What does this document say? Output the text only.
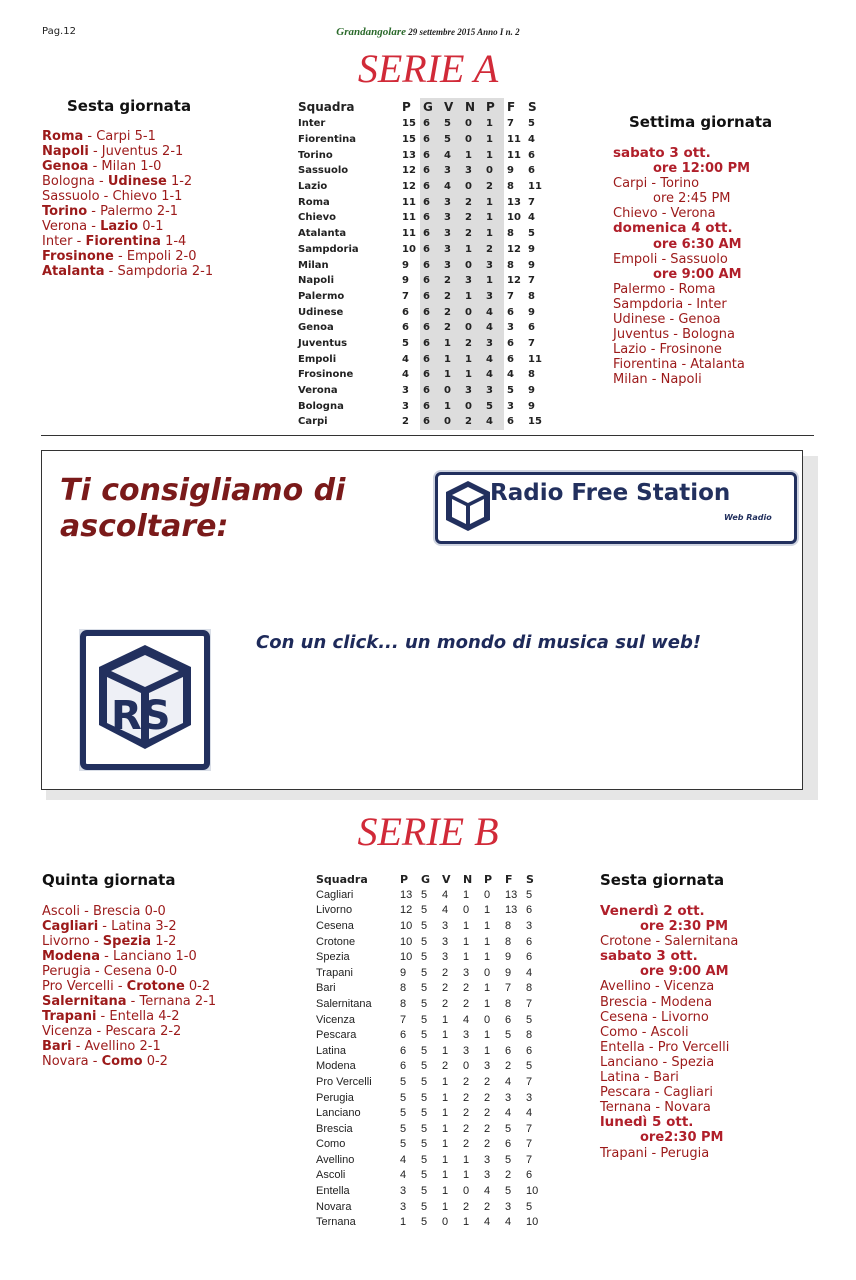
Pag.12	Grandangolare 29 settembre 2015 Anno I n. 2
SERIE A
Sesta giornata
Roma - Carpi 5-1
Napoli - Juventus 2-1
Genoa - Milan 1-0
Bologna - Udinese 1-2
Sassuolo - Chievo 1-1
Torino - Palermo 2-1
Verona - Lazio 0-1
Inter - Fiorentina 1-4
Frosinone - Empoli 2-0
Atalanta - Sampdoria 2-1
Squadra	P	G	V	N	P	F	S
Inter	15	6	5	0	1	7	5
Fiorentina	15	6	5	0	1	11	4
Torino	13	6	4	1	1	11	6
Sassuolo	12	6	3	3	0	9	6
Lazio	12	6	4	0	2	8	11
Roma	11	6	3	2	1	13	7
Chievo	11	6	3	2	1	10	4
Atalanta	11	6	3	2	1	8	5
Sampdoria	10	6	3	1	2	12	9
Milan	9	6	3	0	3	8	9
Napoli	9	6	2	3	1	12	7
Palermo	7	6	2	1	3	7	8
Udinese	6	6	2	0	4	6	9
Genoa	6	6	2	0	4	3	6
Juventus	5	6	1	2	3	6	7
Empoli	4	6	1	1	4	6	11
Frosinone	4	6	1	1	4	4	8
Verona	3	6	0	3	3	5	9
Bologna	3	6	1	0	5	3	9
Carpi	2	6	0	2	4	6	15
Settima giornata
sabato 3 ott.
ore 12:00 PM
Carpi - Torino
ore 2:45 PM
Chievo - Verona
domenica 4 ott.
ore 6:30 AM
Empoli - Sassuolo
ore 9:00 AM
Palermo - Roma
Sampdoria - Inter
Udinese - Genoa
Juventus - Bologna
Lazio - Frosinone
Fiorentina - Atalanta
Milan - Napoli
Ti consigliamo di
ascoltare:
Radio Free Station
Web Radio
Con un click... un mondo di musica sul web!
RS
SERIE B
Quinta giornata
Ascoli - Brescia 0-0
Cagliari - Latina 3-2
Livorno - Spezia 1-2
Modena - Lanciano 1-0
Perugia - Cesena 0-0
Pro Vercelli - Crotone 0-2
Salernitana - Ternana 2-1
Trapani - Entella 4-2
Vicenza - Pescara 2-2
Bari - Avellino 2-1
Novara - Como 0-2
Squadra	P	G	V	N	P	F	S
Cagliari	13	5	4	1	0	13	5
Livorno	12	5	4	0	1	13	6
Cesena	10	5	3	1	1	8	3
Crotone	10	5	3	1	1	8	6
Spezia	10	5	3	1	1	9	6
Trapani	9	5	2	3	0	9	4
Bari	8	5	2	2	1	7	8
Salernitana	8	5	2	2	1	8	7
Vicenza	7	5	1	4	0	6	5
Pescara	6	5	1	3	1	5	8
Latina	6	5	1	3	1	6	6
Modena	6	5	2	0	3	2	5
Pro Vercelli	5	5	1	2	2	4	7
Perugia	5	5	1	2	2	3	3
Lanciano	5	5	1	2	2	4	4
Brescia	5	5	1	2	2	5	7
Como	5	5	1	2	2	6	7
Avellino	4	5	1	1	3	5	7
Ascoli	4	5	1	1	3	2	6
Entella	3	5	1	0	4	5	10
Novara	3	5	1	2	2	3	5
Ternana	1	5	0	1	4	4	10
Sesta giornata
Venerdì 2 ott.
ore 2:30 PM
Crotone - Salernitana
sabato 3 ott.
ore 9:00 AM
Avellino - Vicenza
Brescia - Modena
Cesena - Livorno
Como - Ascoli
Entella - Pro Vercelli
Lanciano - Spezia
Latina - Bari
Pescara - Cagliari
Ternana - Novara
lunedì 5 ott.
ore2:30 PM
Trapani - Perugia
